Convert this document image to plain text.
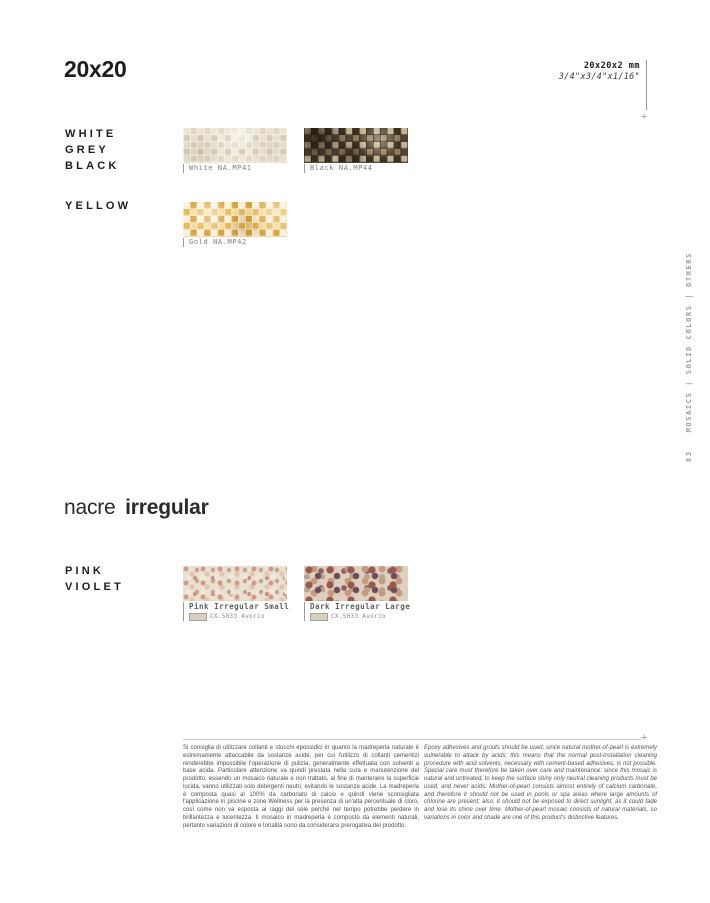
20x20	20x20x2 mm
3/4"x3/4"x1/16"
+
WHITE
GREY
BLACK
YELLOW
White NA.MP41	Black NA.MP44
Gold NA.MP42
83
MOSAICS | SOLID COLORS | OTHERS
nacre irregular
PINK
VIOLET
Pink Irregular Small
CX.S033 Avorio
Dark Irregular Large
CX.S033 Avorio
+
Si consiglia di utilizzare collanti e stucchi epossidici in quanto la madreperla naturale è estremamente attaccabile da sostanze acide, per cui l'utilizzo di collanti cementizi renderebbe impossibile l'operazione di pulizia, generalmente effettuata con solventi a base acida. Particolare attenzione va quindi prestata nella cura e manutenzione del prodotto: essendo un mosaico naturale e non trattato, al fine di mantenere la superficie lucida, vanno utilizzati solo detergenti neutri, evitando le sostanze acide. La madreperla è composta quasi al 100% da carbonato di calcio e quindi viene sconsigliata l'applicazione in piscine e zone Wellness per la presenza di un'alta percentuale di cloro, così come non va esposta ai raggi del sole perché nel tempo potrebbe perdere in brillantezza e lucentezza. Il mosaico in madreperla è composto da elementi naturali, pertanto variazioni di colore e tonalità sono da considerarsi prerogativa del prodotto.
Epoxy adhesives and grouts should be used, since natural mother-of-pearl is extremely vulnerable to attack by acids; this means that the normal post-installation cleaning procedure with acid solvents, necessary with cement-based adhesives, is not possible. Special care must therefore be taken over care and maintenance: since this mosaic is natural and untreated, to keep the surface shiny only neutral cleaning products must be used, and never acids. Mother-of-pearl consists almost entirely of calcium carbonate, and therefore it should not be used in pools or spa areas where large amounts of chlorine are present; also, it should not be exposed to direct sunlight, as it could fade and lose its shine over time. Mother-of-pearl mosaic consists of natural materials, so variations in color and shade are one of this product's distinctive features.
